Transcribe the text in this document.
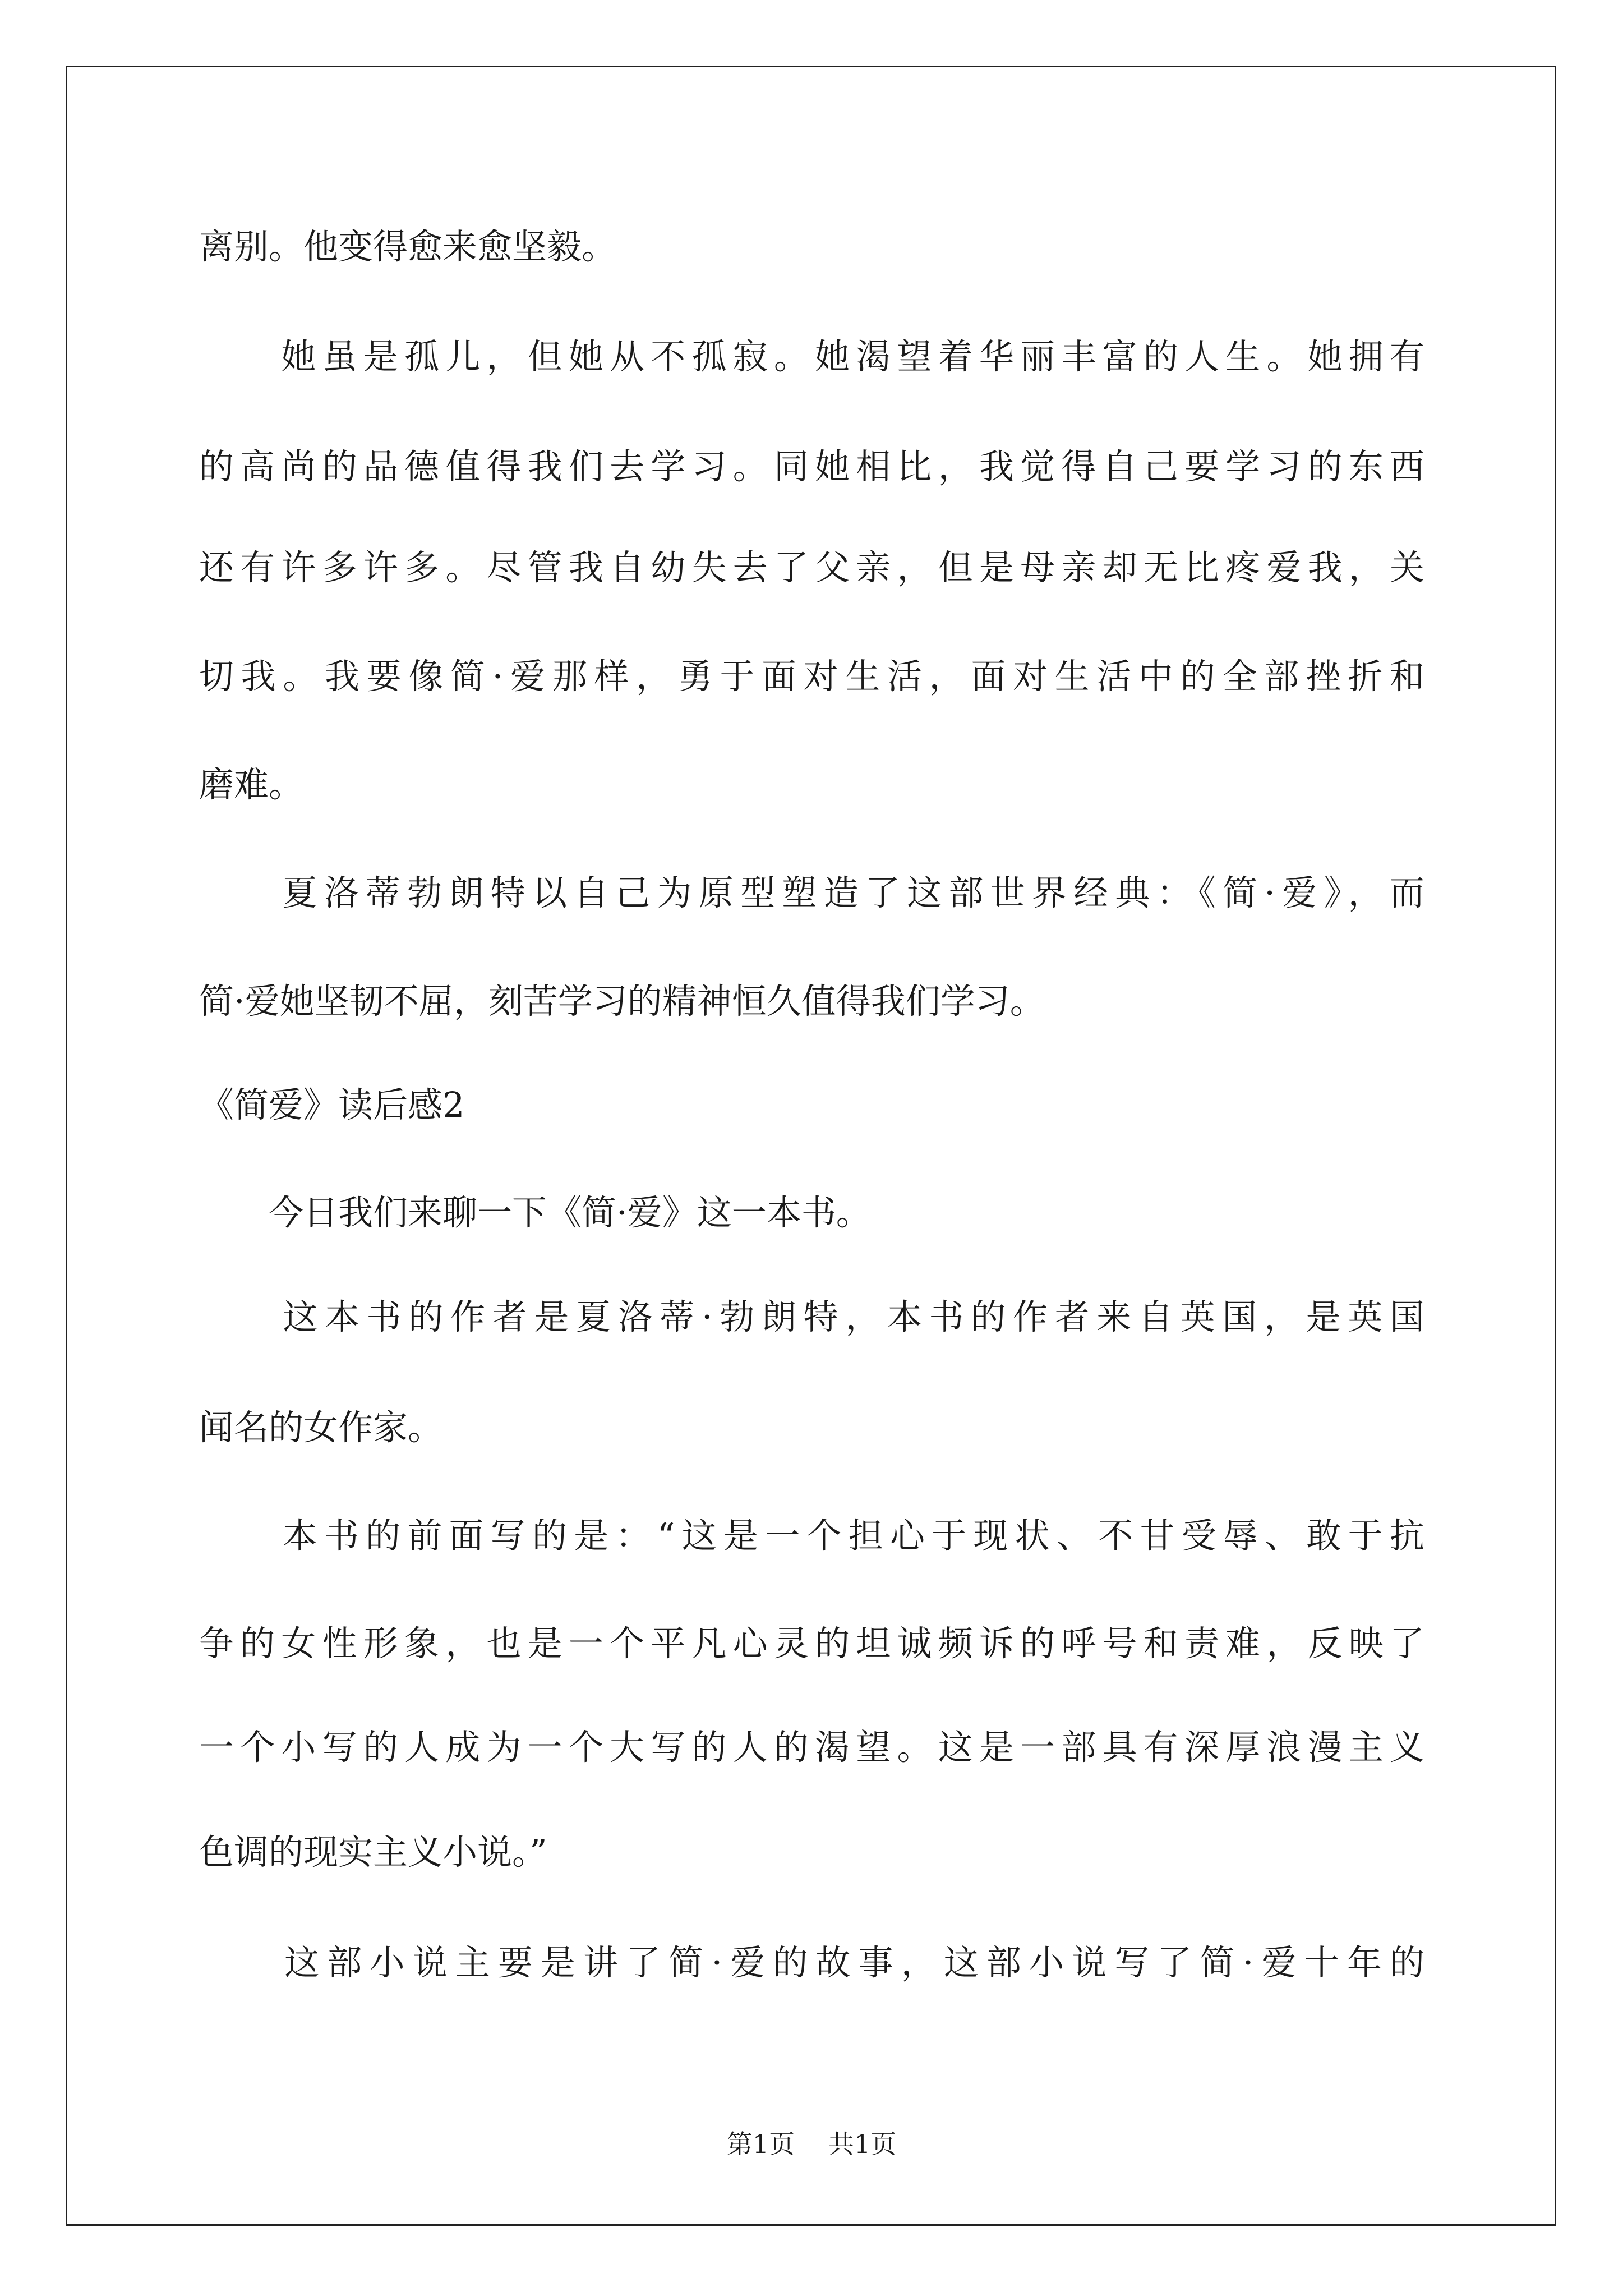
离别。他变得愈来愈坚毅。
　　她虽是孤儿，但她从不孤寂。她渴望着华丽丰富的人生。她拥有
的高尚的品德值得我们去学习。同她相比，我觉得自己要学习的东西
还有许多许多。尽管我自幼失去了父亲，但是母亲却无比疼爱我，关
切我。我要像简·爱那样，勇于面对生活，面对生活中的全部挫折和
磨难。
　　夏洛蒂勃朗特以自己为原型塑造了这部世界经典：《简·爱》，而
简·爱她坚韧不屈，刻苦学习的精神恒久值得我们学习。
《简爱》读后感2
　　今日我们来聊一下《简·爱》这一本书。
　　这本书的作者是夏洛蒂·勃朗特，本书的作者来自英国，是英国
闻名的女作家。
　　本书的前面写的是：“这是一个担心于现状、不甘受辱、敢于抗
争的女性形象，也是一个平凡心灵的坦诚频诉的呼号和责难，反映了
一个小写的人成为一个大写的人的渴望。这是一部具有深厚浪漫主义
色调的现实主义小说。”
　　这部小说主要是讲了简·爱的故事，这部小说写了简·爱十年的
第1页 共1页
